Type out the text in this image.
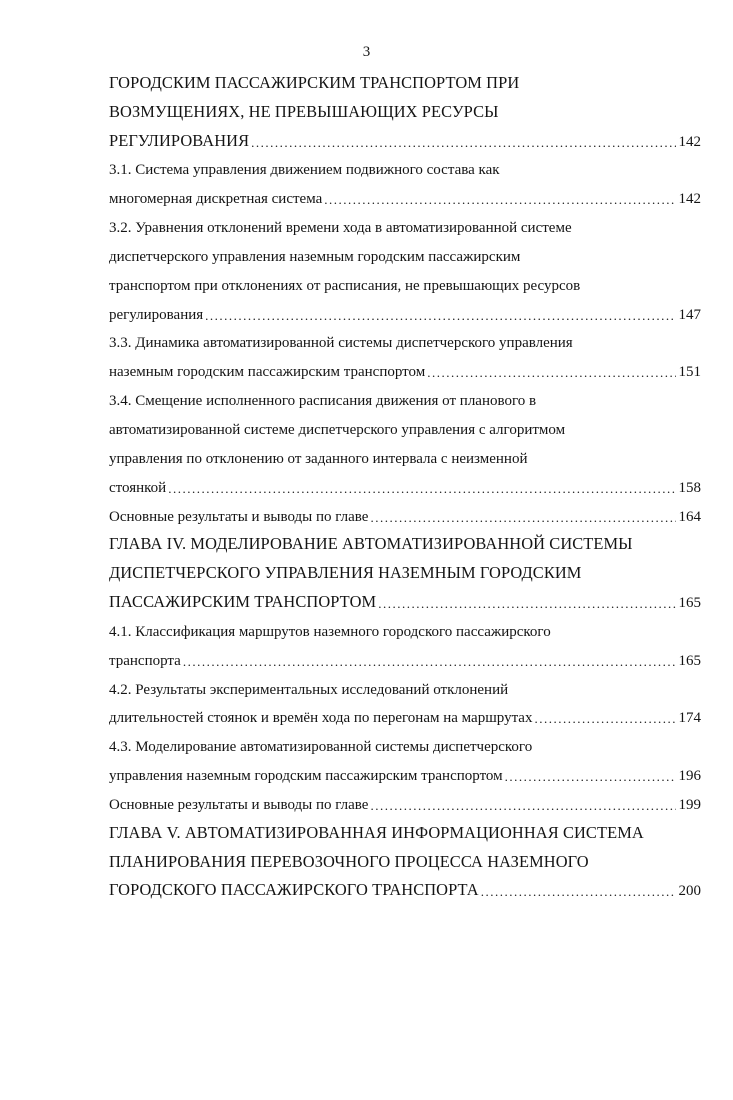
3
ГОРОДСКИМ ПАССАЖИРСКИМ ТРАНСПОРТОМ ПРИ
ВОЗМУЩЕНИЯХ, НЕ ПРЕВЫШАЮЩИХ РЕСУРСЫ
РЕГУЛИРОВАНИЯ .....	142
3.1. Система управления движением подвижного состава как
многомерная дискретная система .....	142
3.2. Уравнения отклонений времени хода в автоматизированной системе
диспетчерского управления наземным городским пассажирским
транспортом при отклонениях от расписания, не превышающих ресурсов
регулирования .....	147
3.3. Динамика автоматизированной системы диспетчерского управления
наземным городским пассажирским транспортом .....	151
3.4. Смещение исполненного расписания движения от планового в
автоматизированной системе диспетчерского управления с алгоритмом
управления по отклонению от заданного интервала с неизменной
стоянкой .....	158
Основные результаты и выводы по главе .....	164
ГЛАВА IV. МОДЕЛИРОВАНИЕ АВТОМАТИЗИРОВАННОЙ СИСТЕМЫ
ДИСПЕТЧЕРСКОГО УПРАВЛЕНИЯ НАЗЕМНЫМ ГОРОДСКИМ
ПАССАЖИРСКИМ ТРАНСПОРТОМ .....	165
4.1. Классификация маршрутов наземного городского пассажирского
транспорта .....	165
4.2. Результаты экспериментальных исследований отклонений
длительностей стоянок и времён хода по перегонам на маршрутах .....	174
4.3. Моделирование автоматизированной системы диспетчерского
управления наземным городским пассажирским транспортом .....	196
Основные результаты и выводы по главе .....	199
ГЛАВА V. АВТОМАТИЗИРОВАННАЯ ИНФОРМАЦИОННАЯ СИСТЕМА
ПЛАНИРОВАНИЯ ПЕРЕВОЗОЧНОГО ПРОЦЕССА НАЗЕМНОГО
ГОРОДСКОГО ПАССАЖИРСКОГО ТРАНСПОРТА .....	200
